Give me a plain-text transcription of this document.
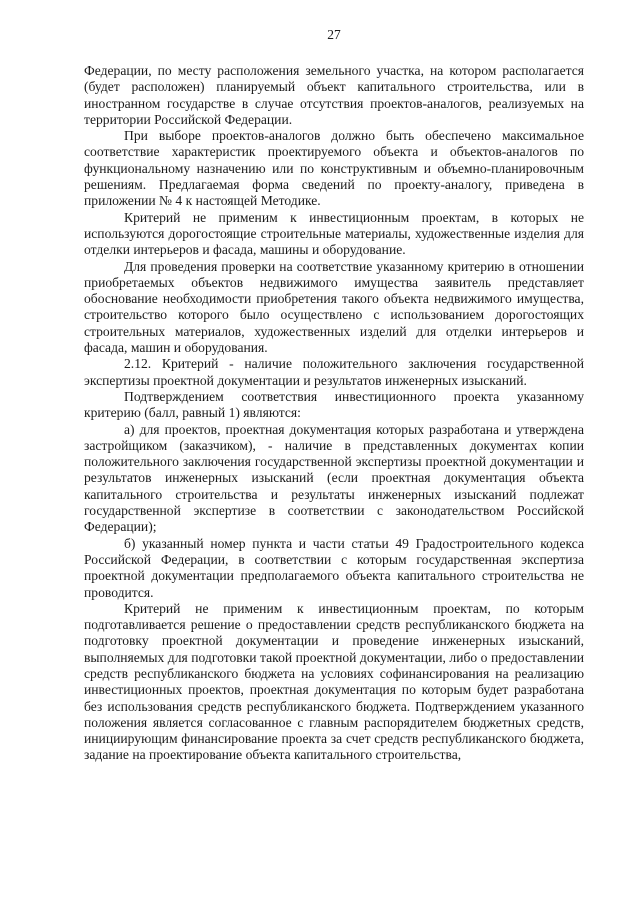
27

Федерации, по месту расположения земельного участка, на котором располагается (будет расположен) планируемый объект капитального строительства, или в иностранном государстве в случае отсутствия проектов-аналогов, реализуемых на территории Российской Федерации.

При выборе проектов-аналогов должно быть обеспечено максимальное соответствие характеристик проектируемого объекта и объектов-аналогов по функциональному назначению или по конструктивным и объемно-планировочным решениям. Предлагаемая форма сведений по проекту-аналогу, приведена в приложении № 4 к настоящей Методике.

Критерий не применим к инвестиционным проектам, в которых не используются дорогостоящие строительные материалы, художественные изделия для отделки интерьеров и фасада, машины и оборудование.

Для проведения проверки на соответствие указанному критерию в отношении приобретаемых объектов недвижимого имущества заявитель представляет обоснование необходимости приобретения такого объекта недвижимого имущества, строительство которого было осуществлено с использованием дорогостоящих строительных материалов, художественных изделий для отделки интерьеров и фасада, машин и оборудования.

2.12. Критерий - наличие положительного заключения государственной экспертизы проектной документации и результатов инженерных изысканий.

Подтверждением соответствия инвестиционного проекта указанному критерию (балл, равный 1) являются:

а) для проектов, проектная документация которых разработана и утверждена застройщиком (заказчиком), - наличие в представленных документах копии положительного заключения государственной экспертизы проектной документации и результатов инженерных изысканий (если проектная документация объекта капитального строительства и результаты инженерных изысканий подлежат государственной экспертизе в соответствии с законодательством Российской Федерации);

б) указанный номер пункта и части статьи 49 Градостроительного кодекса Российской Федерации, в соответствии с которым государственная экспертиза проектной документации предполагаемого объекта капитального строительства не проводится.

Критерий не применим к инвестиционным проектам, по которым подготавливается решение о предоставлении средств республиканского бюджета на подготовку проектной документации и проведение инженерных изысканий, выполняемых для подготовки такой проектной документации, либо о предоставлении средств республиканского бюджета на условиях софинансирования на реализацию инвестиционных проектов, проектная документация по которым будет разработана без использования средств республиканского бюджета. Подтверждением указанного положения является согласованное с главным распорядителем бюджетных средств, инициирующим финансирование проекта за счет средств республиканского бюджета, задание на проектирование объекта капитального строительства,
